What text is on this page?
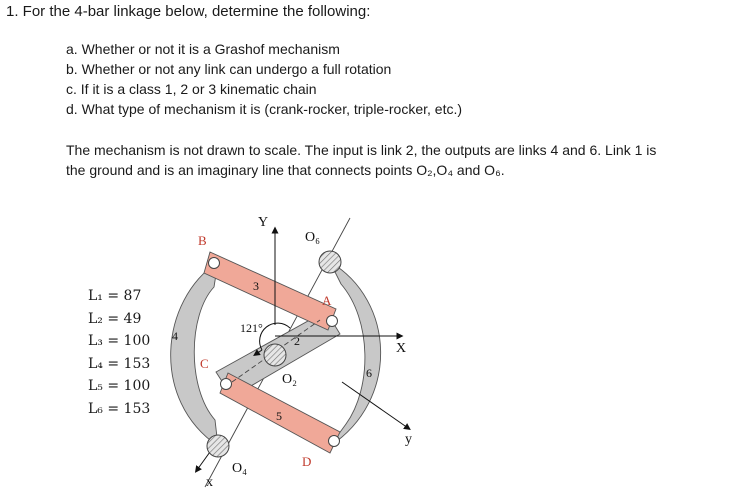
1. For the 4-bar linkage below, determine the following:
a. Whether or not it is a Grashof mechanism
b. Whether or not any link can undergo a full rotation
c. If it is a class 1, 2 or 3 kinematic chain
d. What type of mechanism it is (crank-rocker, triple-rocker, etc.)
The mechanism is not drawn to scale. The input is link 2, the outputs are links 4 and 6. Link 1 is
the ground and is an imaginary line that connects points O₂,O₄ and O₆.
L₁ = 87
L₂ = 49
L₃ = 100
L₄ = 153
L₅ = 100
L₆ = 153
Y
X
y
x
B
A
C
D
O₆
O₂
O₄
3
2
4
5
6
121°
